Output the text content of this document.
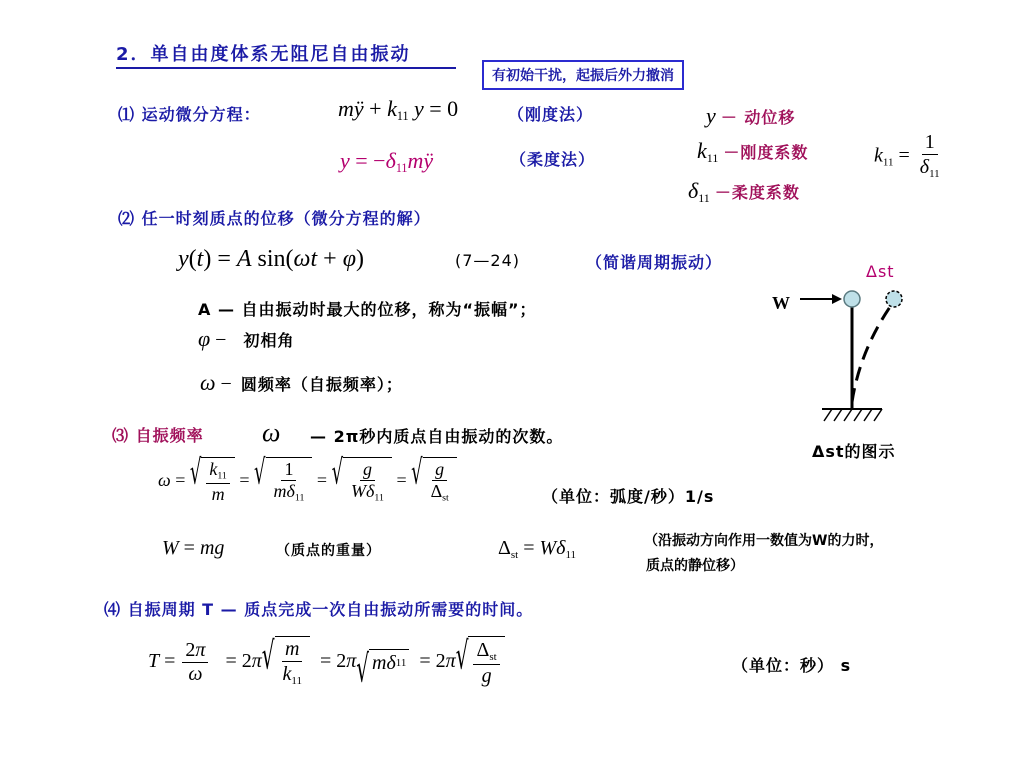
2．单自由度体系无阻尼自由振动
有初始干扰，起振后外力撤消
⑴ 运动微分方程：	mÿ + $k_{11}$ y = 0	（刚度法）
$y = -\delta_{11}mÿ$	（柔度法）
y － 动位移
$k_{11}$ －刚度系数
$\delta_{11}$ －柔度系数
$k_{11} = \frac{1}{\delta_{11}}$
⑵ 任一时刻质点的位移（微分方程的解）
y(t) = A sin(ωt + φ)	(7—24)	（简谐周期振动）
A — 自由振动时最大的位移，称为“振幅”；
φ − 初相角
ω − 圆频率（自振频率）；
Δst
W
Δst的图示
⑶ 自振频率 ω — 2π秒内质点自由振动的次数。
ω = √ $\frac{k_{11}}{m}$ = √ $\frac{1}{m\delta_{11}}$ = √ $\frac{g}{W\delta_{11}}$ = √ $\frac{g}{\Delta_{st}}$	（单位：弧度/秒）1/s
W = mg	（质点的重量）	$\Delta_{st} = W\delta_{11}$
（沿振动方向作用一数值为W的力时，
质点的静位移）
⑷ 自振周期 T — 质点完成一次自由振动所需要的时间。
$T = \frac{2\pi}{\omega} = 2$ π √ $\frac{m}{k_{11}} = 2$ π √ mδ 11 = 2 π √ $\frac{\Delta_{st}}{g}$	（单位：秒） s
